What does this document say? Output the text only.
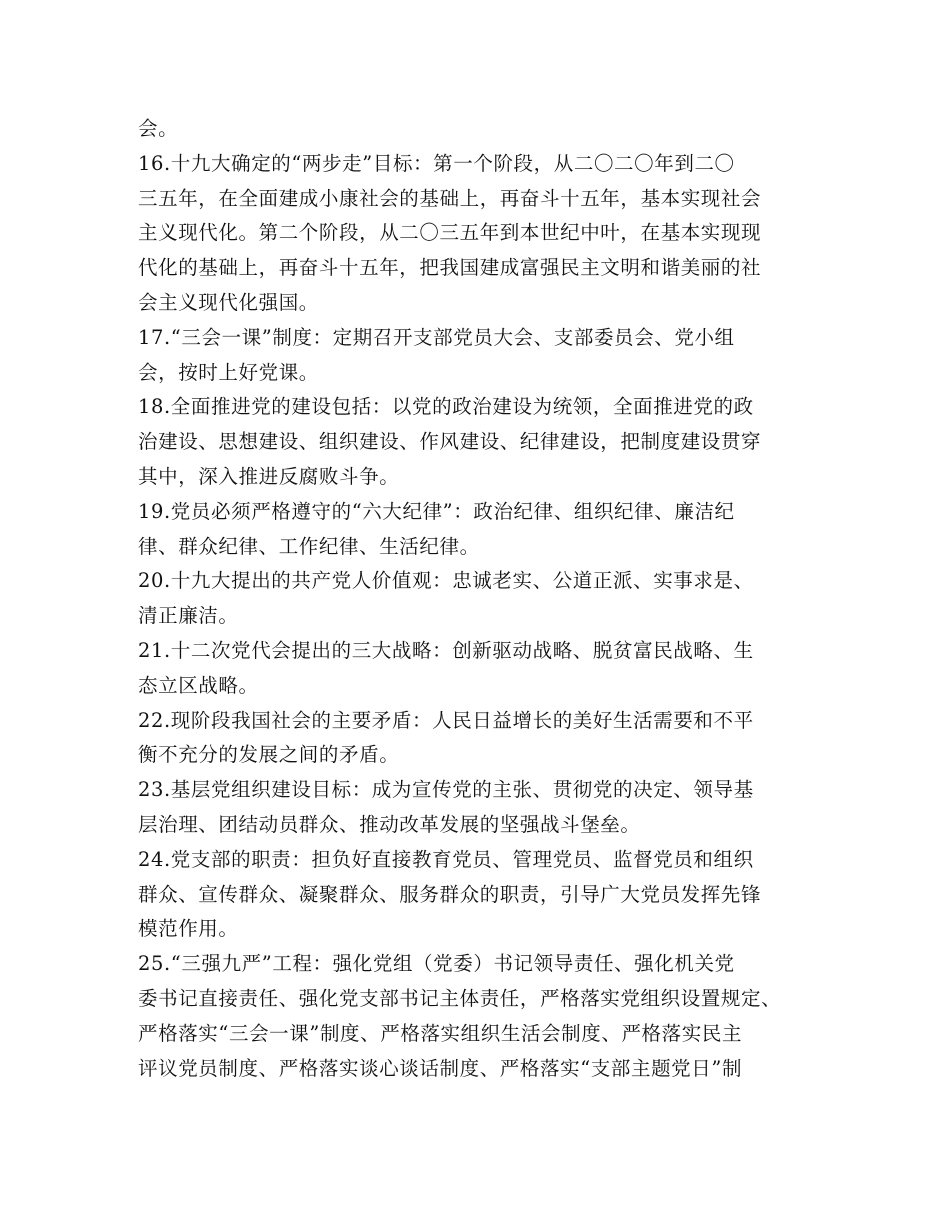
会。

16.十九大确定的“两步走”目标：第一个阶段，从二〇二〇年到二〇

三五年，在全面建成小康社会的基础上，再奋斗十五年，基本实现社会

主义现代化。第二个阶段，从二〇三五年到本世纪中叶，在基本实现现

代化的基础上，再奋斗十五年，把我国建成富强民主文明和谐美丽的社

会主义现代化强国。

17.“三会一课”制度：定期召开支部党员大会、支部委员会、党小组

会，按时上好党课。

18.全面推进党的建设包括：以党的政治建设为统领，全面推进党的政

治建设、思想建设、组织建设、作风建设、纪律建设，把制度建设贯穿

其中，深入推进反腐败斗争。

19.党员必须严格遵守的“六大纪律”：政治纪律、组织纪律、廉洁纪

律、群众纪律、工作纪律、生活纪律。

20.十九大提出的共产党人价值观：忠诚老实、公道正派、实事求是、

清正廉洁。

21.十二次党代会提出的三大战略：创新驱动战略、脱贫富民战略、生

态立区战略。

22.现阶段我国社会的主要矛盾：人民日益增长的美好生活需要和不平

衡不充分的发展之间的矛盾。

23.基层党组织建设目标：成为宣传党的主张、贯彻党的决定、领导基

层治理、团结动员群众、推动改革发展的坚强战斗堡垒。

24.党支部的职责：担负好直接教育党员、管理党员、监督党员和组织

群众、宣传群众、凝聚群众、服务群众的职责，引导广大党员发挥先锋

模范作用。

25.“三强九严”工程：强化党组（党委）书记领导责任、强化机关党

委书记直接责任、强化党支部书记主体责任，严格落实党组织设置规定、

严格落实“三会一课”制度、严格落实组织生活会制度、严格落实民主

评议党员制度、严格落实谈心谈话制度、严格落实“支部主题党日”制
